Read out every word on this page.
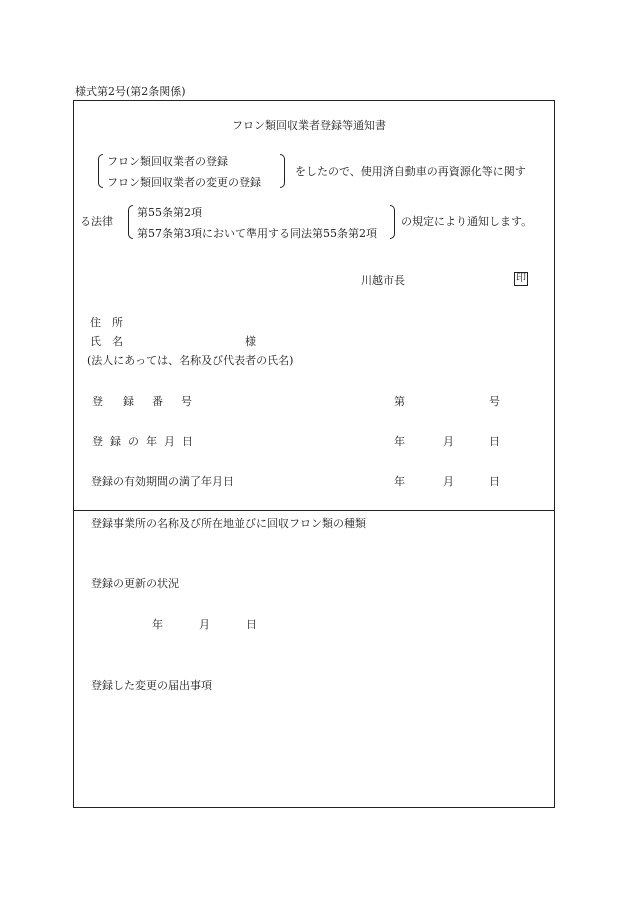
様式第2号(第2条関係)
フロン類回収業者登録等通知書
フロン類回収業者の登録
フロン類回収業者の変更の登録
をしたので、使用済自動車の再資源化等に関す
る法律
第55条第2項
第57条第3項において準用する同法第55条第2項
の規定により通知します。
川越市長	印
住　所
氏　名	様
(法人にあっては、名称及び代表者の氏名)
登 録 番 号	第	号
登 録 の 年 月 日	年	月	日
登録の有効期間の満了年月日	年	月	日
登録事業所の名称及び所在地並びに回収フロン類の種類
登録の更新の状況
年	月	日
登録した変更の届出事項
